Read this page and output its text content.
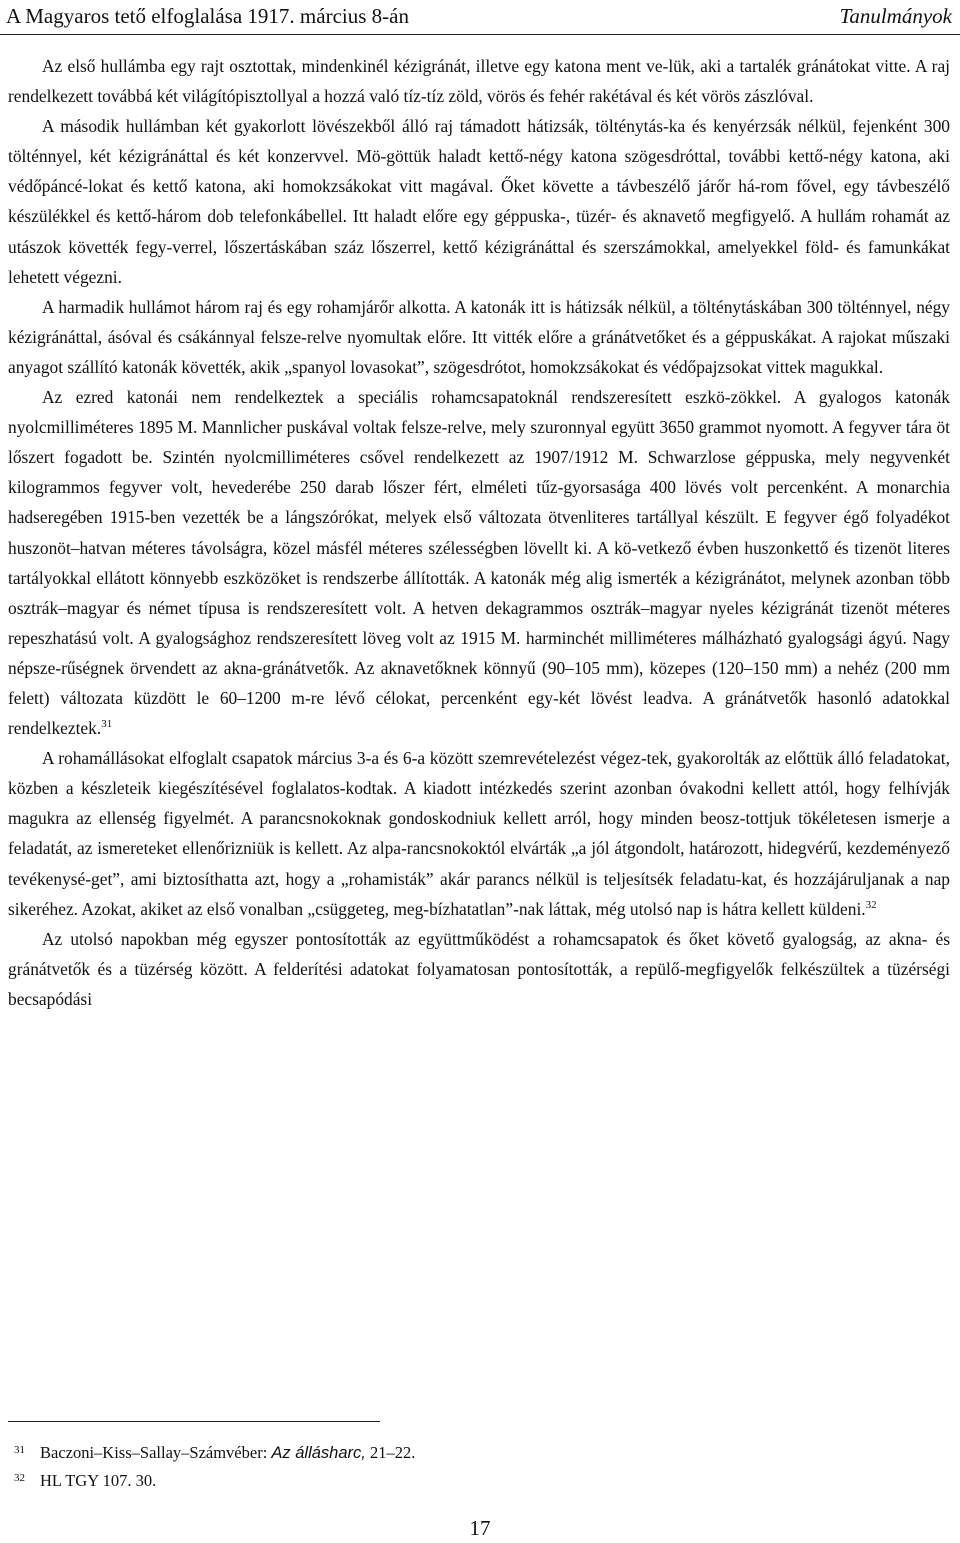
A Magyaros tető elfoglalása 1917. március 8-án	Tanulmányok

Az első hullámba egy rajt osztottak, mindenkinél kézigránát, illetve egy katona ment ve-lük, aki a tartalék gránátokat vitte. A raj rendelkezett továbbá két világítópisztollyal a hozzá való tíz-tíz zöld, vörös és fehér rakétával és két vörös zászlóval.

A második hullámban két gyakorlott lövészekből álló raj támadott hátizsák, tölténytás-ka és kenyérzsák nélkül, fejenként 300 tölténnyel, két kézigránáttal és két konzervvel. Mö-göttük haladt kettő-négy katona szögesdróttal, további kettő-négy katona, aki védőpáncé-lokat és kettő katona, aki homokzsákokat vitt magával. Őket követte a távbeszélő járőr há-rom fővel, egy távbeszélő készülékkel és kettő-három dob telefonkábellel. Itt haladt előre egy géppuska-, tüzér- és aknavető megfigyelő. A hullám rohamát az utászok követték fegy-verrel, lőszertáskában száz lőszerrel, kettő kézigránáttal és szerszámokkal, amelyekkel föld- és famunkákat lehetett végezni.

A harmadik hullámot három raj és egy rohamjárőr alkotta. A katonák itt is hátizsák nélkül, a tölténytáskában 300 tölténnyel, négy kézigránáttal, ásóval és csákánnyal felsze-relve nyomultak előre. Itt vitték előre a gránátvetőket és a géppuskákat. A rajokat műszaki anyagot szállító katonák követték, akik „spanyol lovasokat”, szögesdrótot, homokzsákokat és védőpajzsokat vittek magukkal.

Az ezred katonái nem rendelkeztek a speciális rohamcsapatoknál rendszeresített eszkö-zökkel. A gyalogos katonák nyolcmilliméteres 1895 M. Mannlicher puskával voltak felsze-relve, mely szuronnyal együtt 3650 grammot nyomott. A fegyver tára öt lőszert fogadott be. Szintén nyolcmilliméteres csővel rendelkezett az 1907/1912 M. Schwarzlose géppuska, mely negyvenkét kilogrammos fegyver volt, hevederébe 250 darab lőszer fért, elméleti tűz-gyorsasága 400 lövés volt percenként. A monarchia hadseregében 1915-ben vezették be a lángszórókat, melyek első változata ötvenliteres tartállyal készült. E fegyver égő folyadékot huszonöt–hatvan méteres távolságra, közel másfél méteres szélességben lövellt ki. A kö-vetkező évben huszonkettő és tizenöt literes tartályokkal ellátott könnyebb eszközöket is rendszerbe állították. A katonák még alig ismerték a kézigránátot, melynek azonban több osztrák–magyar és német típusa is rendszeresített volt. A hetven dekagrammos osztrák–magyar nyeles kézigránát tizenöt méteres repeszhatású volt. A gyalogsághoz rendszeresített löveg volt az 1915 M. harminchét milliméteres málházható gyalogsági ágyú. Nagy népsze-rűségnek örvendett az akna-gránátvetők. Az aknavetőknek könnyű (90–105 mm), közepes (120–150 mm) a nehéz (200 mm felett) változata küzdött le 60–1200 m-re lévő célokat, percenként egy-két lövést leadva. A gránátvetők hasonló adatokkal rendelkeztek.$^{31}$

A rohamállásokat elfoglalt csapatok március 3-a és 6-a között szemrevételezést végez-tek, gyakorolták az előttük álló feladatokat, közben a készleteik kiegészítésével foglalatos-kodtak. A kiadott intézkedés szerint azonban óvakodni kellett attól, hogy felhívják magukra az ellenség figyelmét. A parancsnokoknak gondoskodniuk kellett arról, hogy minden beosz-tottjuk tökéletesen ismerje a feladatát, az ismereteket ellenőrizniük is kellett. Az alpa-rancsnokoktól elvárták „a jól átgondolt, határozott, hidegvérű, kezdeményező tevékenysé-get”, ami biztosíthatta azt, hogy a „rohamisták” akár parancs nélkül is teljesítsék feladatu-kat, és hozzájáruljanak a nap sikeréhez. Azokat, akiket az első vonalban „csüggeteg, meg-bízhatatlan”-nak láttak, még utolsó nap is hátra kellett küldeni.$^{32}$

Az utolsó napokban még egyszer pontosították az együttműködést a rohamcsapatok és őket követő gyalogság, az akna- és gránátvetők és a tüzérség között. A felderítési adatokat folyamatosan pontosították, a repülő-megfigyelők felkészültek a tüzérségi becsapódási

31 Baczoni–Kiss–Sallay–Számvéber: Az állásharc, 21–22.
32 HL TGY 107. 30.
17
